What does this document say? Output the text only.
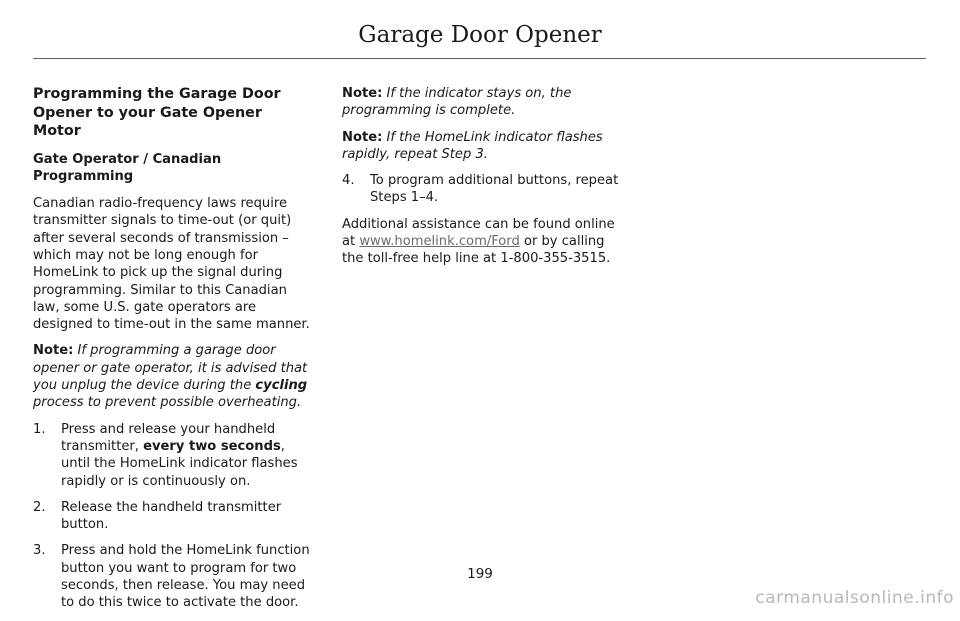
Garage Door Opener
Programming the Garage Door Opener to your Gate Opener Motor
Gate Operator / Canadian Programming

Canadian radio-frequency laws require transmitter signals to time-out (or quit) after several seconds of transmission – which may not be long enough for HomeLink to pick up the signal during programming. Similar to this Canadian law, some U.S. gate operators are designed to time-out in the same manner.

Note: If programming a garage door opener or gate operator, it is advised that you unplug the device during the cycling process to prevent possible overheating.

1.	Press and release your handheld transmitter, every two seconds, until the HomeLink indicator flashes rapidly or is continuously on.
2.	Release the handheld transmitter button.
3.	Press and hold the HomeLink function button you want to program for two seconds, then release. You may need to do this twice to activate the door.

Note: If the indicator stays on, the programming is complete.

Note: If the HomeLink indicator flashes rapidly, repeat Step 3.

4.	To program additional buttons, repeat Steps 1–4.

Additional assistance can be found online at www.homelink.com/Ford or by calling the toll-free help line at 1-800-355-3515.

199
carmanualsonline.info
